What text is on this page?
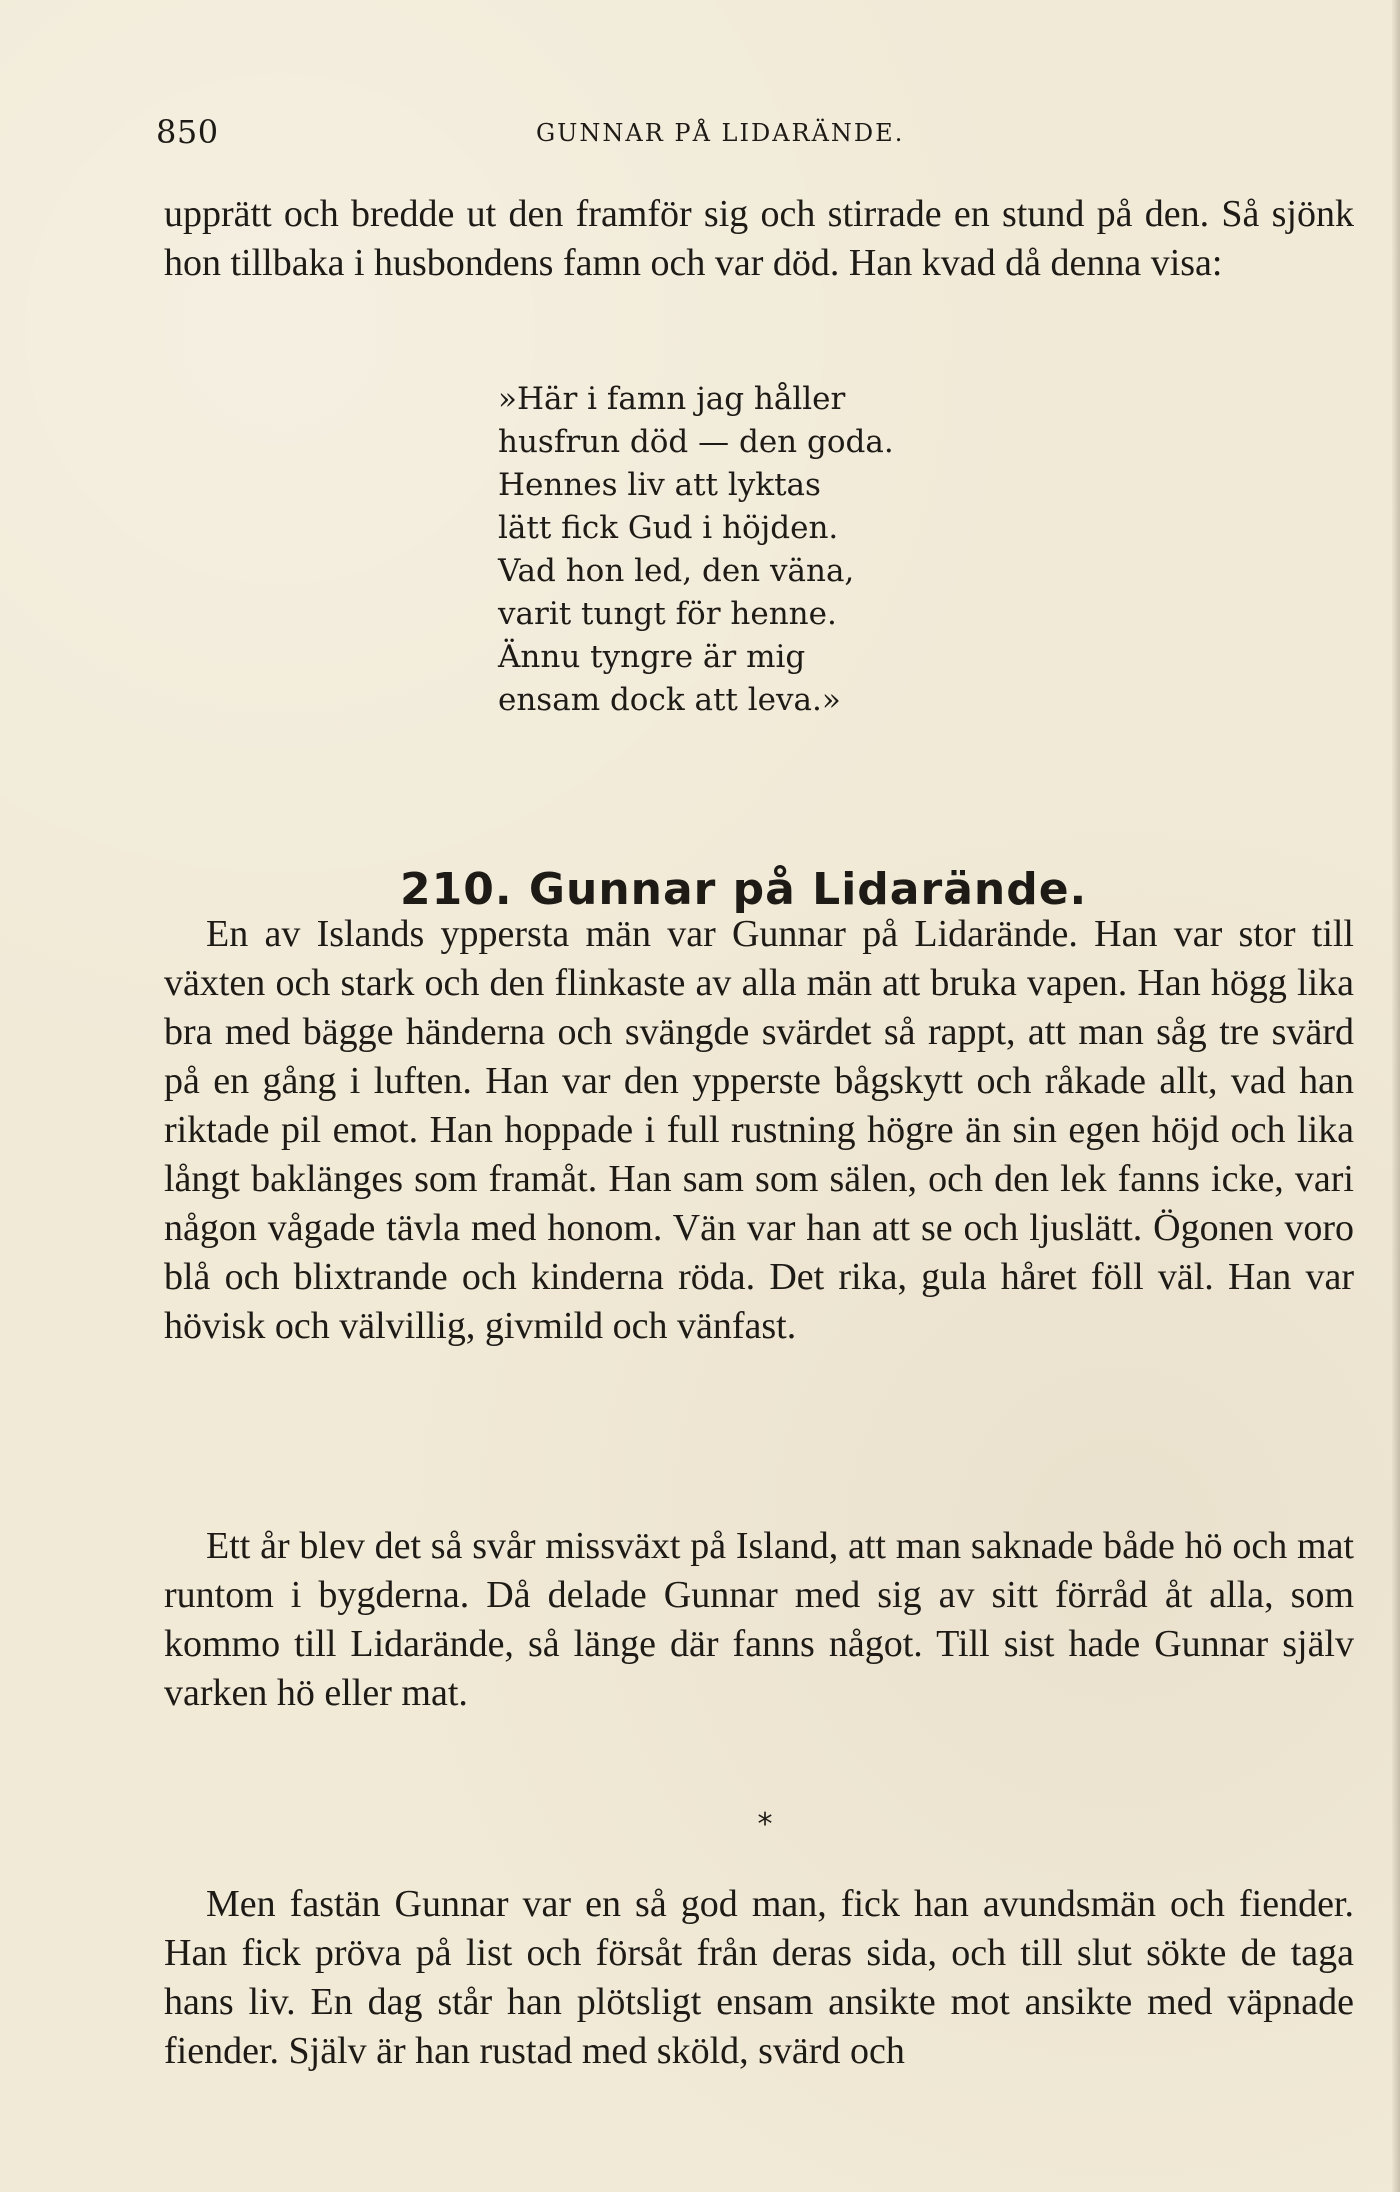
850	GUNNAR PÅ LIDARÄNDE.

upprätt och bredde ut den framför sig och stirrade en stund på den. Så sjönk hon tillbaka i husbondens famn och var död. Han kvad då denna visa:

»Här i famn jag håller
husfrun död — den goda.
Hennes liv att lyktas
lätt fick Gud i höjden.
Vad hon led, den väna,
varit tungt för henne.
Ännu tyngre är mig
ensam dock att leva.»
210. Gunnar på Lidarände.

En av Islands yppersta män var Gunnar på Lidarände. Han var stor till växten och stark och den flinkaste av alla män att bruka vapen. Han högg lika bra med bägge händerna och svängde svärdet så rappt, att man såg tre svärd på en gång i luften. Han var den ypperste bågskytt och råkade allt, vad han riktade pil emot. Han hoppade i full rustning högre än sin egen höjd och lika långt baklänges som framåt. Han sam som sälen, och den lek fanns icke, vari någon vågade tävla med honom. Vän var han att se och ljuslätt. Ögonen voro blå och blixtrande och kinderna röda. Det rika, gula håret föll väl. Han var hövisk och välvillig, givmild och vänfast.

Ett år blev det så svår missväxt på Island, att man saknade både hö och mat runtom i bygderna. Då delade Gunnar med sig av sitt förråd åt alla, som kommo till Lidarände, så länge där fanns något. Till sist hade Gunnar själv varken hö eller mat.

*

Men fastän Gunnar var en så god man, fick han avundsmän och fiender. Han fick pröva på list och försåt från deras sida, och till slut sökte de taga hans liv. En dag står han plötsligt ensam ansikte mot ansikte med väpnade fiender. Själv är han rustad med sköld, svärd och
